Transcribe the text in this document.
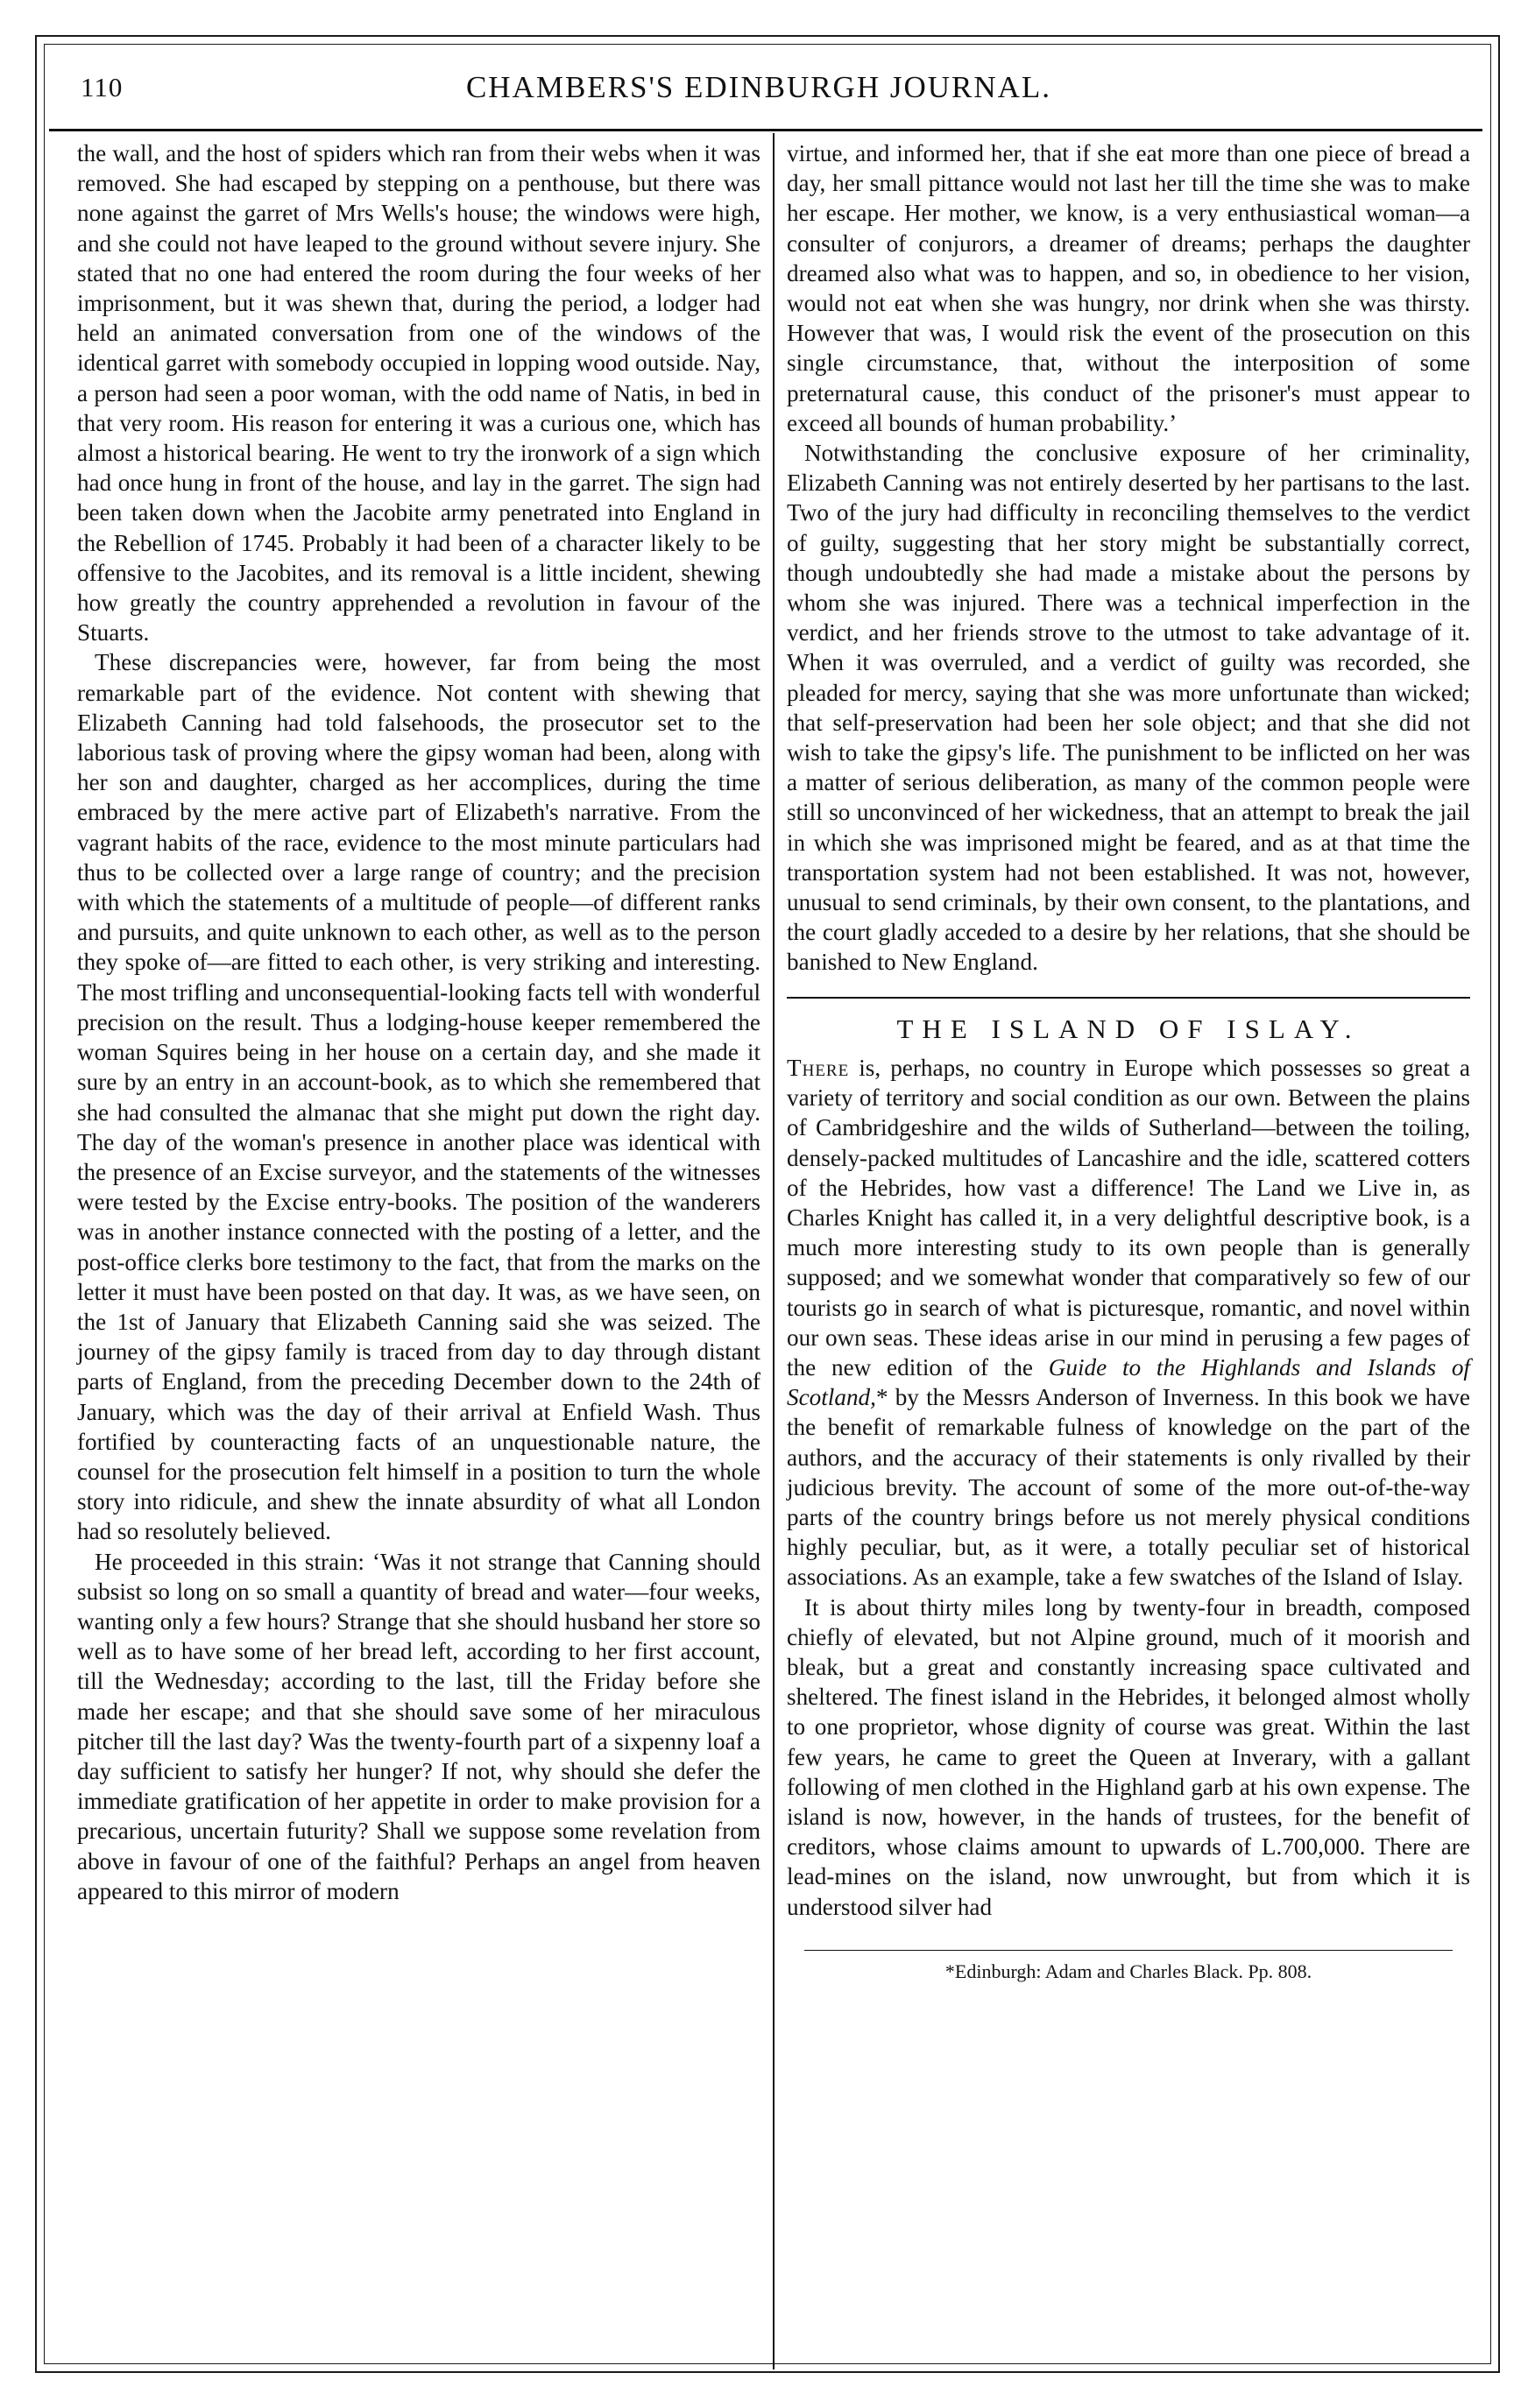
110	CHAMBERS'S EDINBURGH JOURNAL.

the wall, and the host of spiders which ran from their webs when it was removed. She had escaped by stepping on a penthouse, but there was none against the garret of Mrs Wells's house; the windows were high, and she could not have leaped to the ground without severe injury. She stated that no one had entered the room during the four weeks of her imprisonment, but it was shewn that, during the period, a lodger had held an animated conversation from one of the windows of the identical garret with somebody occupied in lopping wood outside. Nay, a person had seen a poor woman, with the odd name of Natis, in bed in that very room. His reason for entering it was a curious one, which has almost a historical bearing. He went to try the ironwork of a sign which had once hung in front of the house, and lay in the garret. The sign had been taken down when the Jacobite army penetrated into England in the Rebellion of 1745. Probably it had been of a character likely to be offensive to the Jacobites, and its removal is a little incident, shewing how greatly the country apprehended a revolution in favour of the Stuarts.

These discrepancies were, however, far from being the most remarkable part of the evidence. Not content with shewing that Elizabeth Canning had told falsehoods, the prosecutor set to the laborious task of proving where the gipsy woman had been, along with her son and daughter, charged as her accomplices, during the time embraced by the mere active part of Elizabeth's narrative. From the vagrant habits of the race, evidence to the most minute particulars had thus to be collected over a large range of country; and the precision with which the statements of a multitude of people—of different ranks and pursuits, and quite unknown to each other, as well as to the person they spoke of—are fitted to each other, is very striking and interesting. The most trifling and unconsequential-looking facts tell with wonderful precision on the result. Thus a lodging-house keeper remembered the woman Squires being in her house on a certain day, and she made it sure by an entry in an account-book, as to which she remembered that she had consulted the almanac that she might put down the right day. The day of the woman's presence in another place was identical with the presence of an Excise surveyor, and the statements of the witnesses were tested by the Excise entry-books. The position of the wanderers was in another instance connected with the posting of a letter, and the post-office clerks bore testimony to the fact, that from the marks on the letter it must have been posted on that day. It was, as we have seen, on the 1st of January that Elizabeth Canning said she was seized. The journey of the gipsy family is traced from day to day through distant parts of England, from the preceding December down to the 24th of January, which was the day of their arrival at Enfield Wash. Thus fortified by counteracting facts of an unquestionable nature, the counsel for the prosecution felt himself in a position to turn the whole story into ridicule, and shew the innate absurdity of what all London had so resolutely believed.

He proceeded in this strain: ‘Was it not strange that Canning should subsist so long on so small a quantity of bread and water—four weeks, wanting only a few hours? Strange that she should husband her store so well as to have some of her bread left, according to her first account, till the Wednesday; according to the last, till the Friday before she made her escape; and that she should save some of her miraculous pitcher till the last day? Was the twenty-fourth part of a sixpenny loaf a day sufficient to satisfy her hunger? If not, why should she defer the immediate gratification of her appetite in order to make provision for a precarious, uncertain futurity? Shall we suppose some revelation from above in favour of one of the faithful? Perhaps an angel from heaven appeared to this mirror of modern

virtue, and informed her, that if she eat more than one piece of bread a day, her small pittance would not last her till the time she was to make her escape. Her mother, we know, is a very enthusiastical woman—a consulter of conjurors, a dreamer of dreams; perhaps the daughter dreamed also what was to happen, and so, in obedience to her vision, would not eat when she was hungry, nor drink when she was thirsty. However that was, I would risk the event of the prosecution on this single circumstance, that, without the interposition of some preternatural cause, this conduct of the prisoner's must appear to exceed all bounds of human probability.’

Notwithstanding the conclusive exposure of her criminality, Elizabeth Canning was not entirely deserted by her partisans to the last. Two of the jury had difficulty in reconciling themselves to the verdict of guilty, suggesting that her story might be substantially correct, though undoubtedly she had made a mistake about the persons by whom she was injured. There was a technical imperfection in the verdict, and her friends strove to the utmost to take advantage of it. When it was overruled, and a verdict of guilty was recorded, she pleaded for mercy, saying that she was more unfortunate than wicked; that self-preservation had been her sole object; and that she did not wish to take the gipsy's life. The punishment to be inflicted on her was a matter of serious deliberation, as many of the common people were still so unconvinced of her wickedness, that an attempt to break the jail in which she was imprisoned might be feared, and as at that time the transportation system had not been established. It was not, however, unusual to send criminals, by their own consent, to the plantations, and the court gladly acceded to a desire by her relations, that she should be banished to New England.

THE ISLAND OF ISLAY.

There is, perhaps, no country in Europe which possesses so great a variety of territory and social condition as our own. Between the plains of Cambridgeshire and the wilds of Sutherland—between the toiling, densely-packed multitudes of Lancashire and the idle, scattered cotters of the Hebrides, how vast a difference! The Land we Live in, as Charles Knight has called it, in a very delightful descriptive book, is a much more interesting study to its own people than is generally supposed; and we somewhat wonder that comparatively so few of our tourists go in search of what is picturesque, romantic, and novel within our own seas. These ideas arise in our mind in perusing a few pages of the new edition of the Guide to the Highlands and Islands of Scotland,* by the Messrs Anderson of Inverness. In this book we have the benefit of remarkable fulness of knowledge on the part of the authors, and the accuracy of their statements is only rivalled by their judicious brevity. The account of some of the more out-of-the-way parts of the country brings before us not merely physical conditions highly peculiar, but, as it were, a totally peculiar set of historical associations. As an example, take a few swatches of the Island of Islay.

It is about thirty miles long by twenty-four in breadth, composed chiefly of elevated, but not Alpine ground, much of it moorish and bleak, but a great and constantly increasing space cultivated and sheltered. The finest island in the Hebrides, it belonged almost wholly to one proprietor, whose dignity of course was great. Within the last few years, he came to greet the Queen at Inverary, with a gallant following of men clothed in the Highland garb at his own expense. The island is now, however, in the hands of trustees, for the benefit of creditors, whose claims amount to upwards of L.700,000. There are lead-mines on the island, now unwrought, but from which it is understood silver had

*Edinburgh: Adam and Charles Black. Pp. 808.
